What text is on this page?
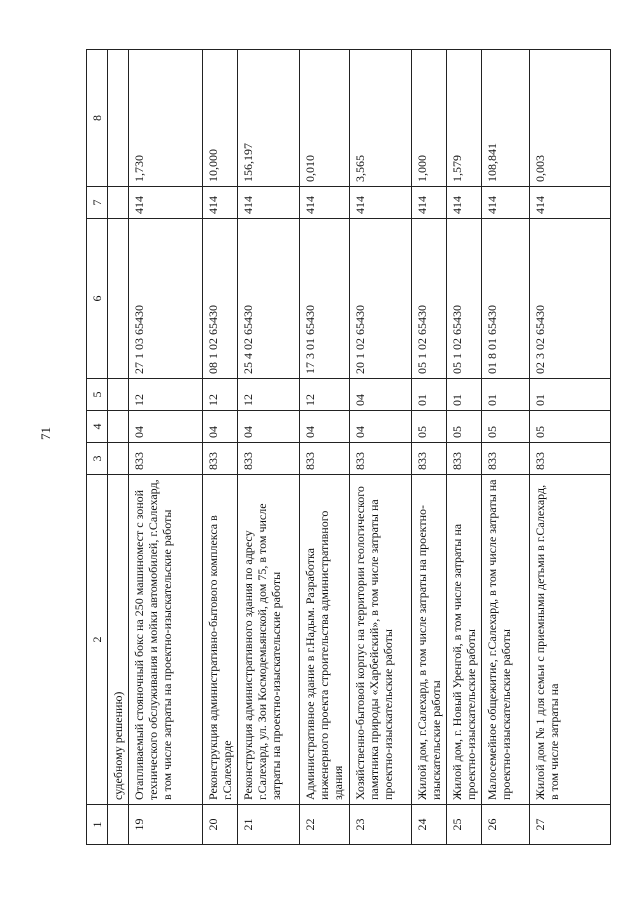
71
1	2	3	4	5	6	7	8
	судебному решению)						
19	Отапливаемый стояночный бокс на 250 машиномест с зоной технического обслуживания и мойки автомобилей, г.Салехард, в том числе затраты на проектно-изыскательские работы	833	04	12	27 1 03 65430	414	1,730
20	Реконструкция административно-бытового комплекса в г.Салехарде	833	04	12	08 1 02 65430	414	10,000
21	Реконструкция административного здания по адресу г.Салехард, ул. Зои Космодемьянской, дом 75, в том числе затраты на проектно-изыскательские работы	833	04	12	25 4 02 65430	414	156,197
22	Административное здание в г.Надым. Разработка инженерного проекта строительства административного здания	833	04	12	17 3 01 65430	414	0,010
23	Хозяйственно-бытовой корпус на территории геологического памятника природы «Харбейский», в том числе затраты на проектно-изыскательские работы	833	04	04	20 1 02 65430	414	3,565
24	Жилой дом, г.Салехард, в том числе затраты на проектно-изыскательские работы	833	05	01	05 1 02 65430	414	1,000
25	Жилой дом, г. Новый Уренгой, в том числе затраты на проектно-изыскательские работы	833	05	01	05 1 02 65430	414	1,579
26	Малосемейное общежитие, г.Салехард, в том числе затраты на проектно-изыскательские работы	833	05	01	01 8 01 65430	414	108,841
27	Жилой дом № 1 для семьи с приемными детьми в г.Салехард, в том числе затраты на	833	05	01	02 3 02 65430	414	0,003
